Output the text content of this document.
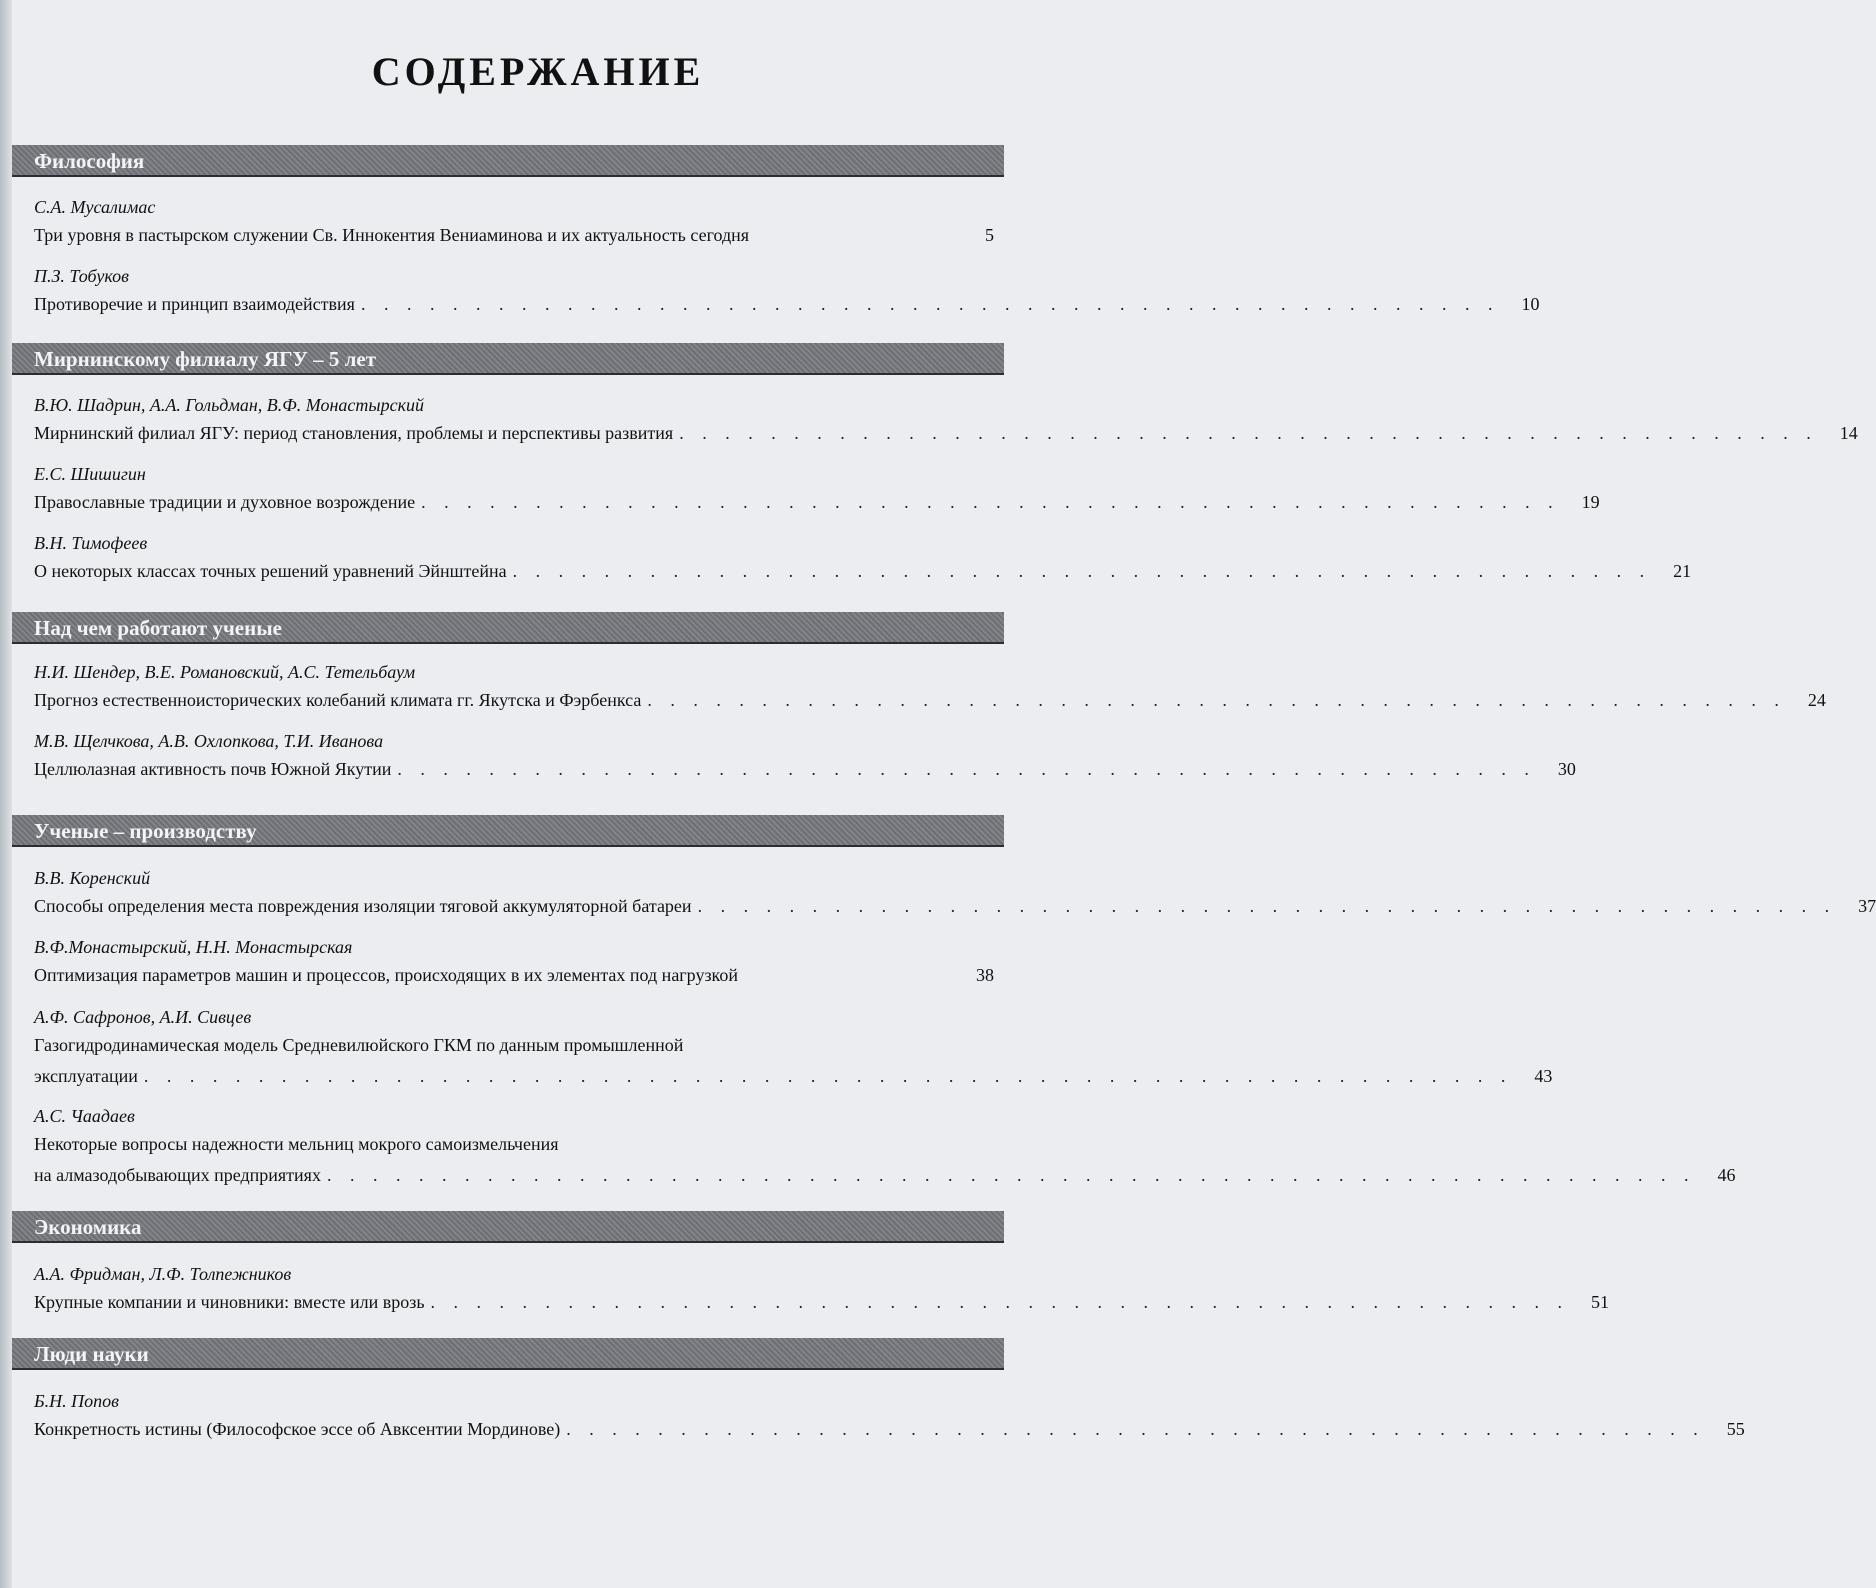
СОДЕРЖАНИЕ
Философия
С.А. Мусалимас
Три уровня в пастырском служении Св. Иннокентия Вениаминова и их актуальность сегодня	5
П.З. Тобуков
Противоречие и принцип взаимодействия . . . . . . . . . . . . . . . . . . . . . . . . . . . . . . . . . . . . . . . . . . . . . . . . . .	10
Мирнинскому филиалу ЯГУ – 5 лет
В.Ю. Шадрин, А.А. Гольдман, В.Ф. Монастырский
Мирнинский филиал ЯГУ: период становления, проблемы и перспективы развития . . . . . . . . . . . . . . . . . . . . . . . . . . . . . . . . . . . . . . . . . . . . . . . . . .	14
Е.С. Шишигин
Православные традиции и духовное возрождение . . . . . . . . . . . . . . . . . . . . . . . . . . . . . . . . . . . . . . . . . . . . . . . . . .	19
В.Н. Тимофеев
О некоторых классах точных решений уравнений Эйнштейна . . . . . . . . . . . . . . . . . . . . . . . . . . . . . . . . . . . . . . . . . . . . . . . . . .	21
Над чем работают ученые
Н.И. Шендер, В.Е. Романовский, А.С. Тетельбаум
Прогноз естественноисторических колебаний климата гг. Якутска и Фэрбенкса . . . . . . . . . . . . . . . . . . . . . . . . . . . . . . . . . . . . . . . . . . . . . . . . . .	24
М.В. Щелчкова, А.В. Охлопкова, Т.И. Иванова
Целлюлазная активность почв Южной Якутии . . . . . . . . . . . . . . . . . . . . . . . . . . . . . . . . . . . . . . . . . . . . . . . . . .	30
Ученые – производству
В.В. Коренский
Способы определения места повреждения изоляции тяговой аккумуляторной батареи . . . . . . . . . . . . . . . . . . . . . . . . . . . . . . . . . . . . . . . . . . . . . . . . . .	37
В.Ф.Монастырский, Н.Н. Монастырская
Оптимизация параметров машин и процессов, происходящих в их элементах под нагрузкой	38
А.Ф. Сафронов, А.И. Сивцев
Газогидродинамическая модель Средневилюйского ГКМ по данным промышленной
эксплуатации . . . . . . . . . . . . . . . . . . . . . . . . . . . . . . . . . . . . . . . . . . . . . . . . . . . . . . . . . . . .	43
А.С. Чаадаев
Некоторые вопросы надежности мельниц мокрого самоизмельчения
на алмазодобывающих предприятиях . . . . . . . . . . . . . . . . . . . . . . . . . . . . . . . . . . . . . . . . . . . . . . . . . . . . . . . . . . . .	46
Экономика
А.А. Фридман, Л.Ф. Толпежников
Крупные компании и чиновники: вместе или врозь . . . . . . . . . . . . . . . . . . . . . . . . . . . . . . . . . . . . . . . . . . . . . . . . . .	51
Люди науки
Б.Н. Попов
Конкретность истины (Философское эссе об Авксентии Мординове) . . . . . . . . . . . . . . . . . . . . . . . . . . . . . . . . . . . . . . . . . . . . . . . . . .	55
